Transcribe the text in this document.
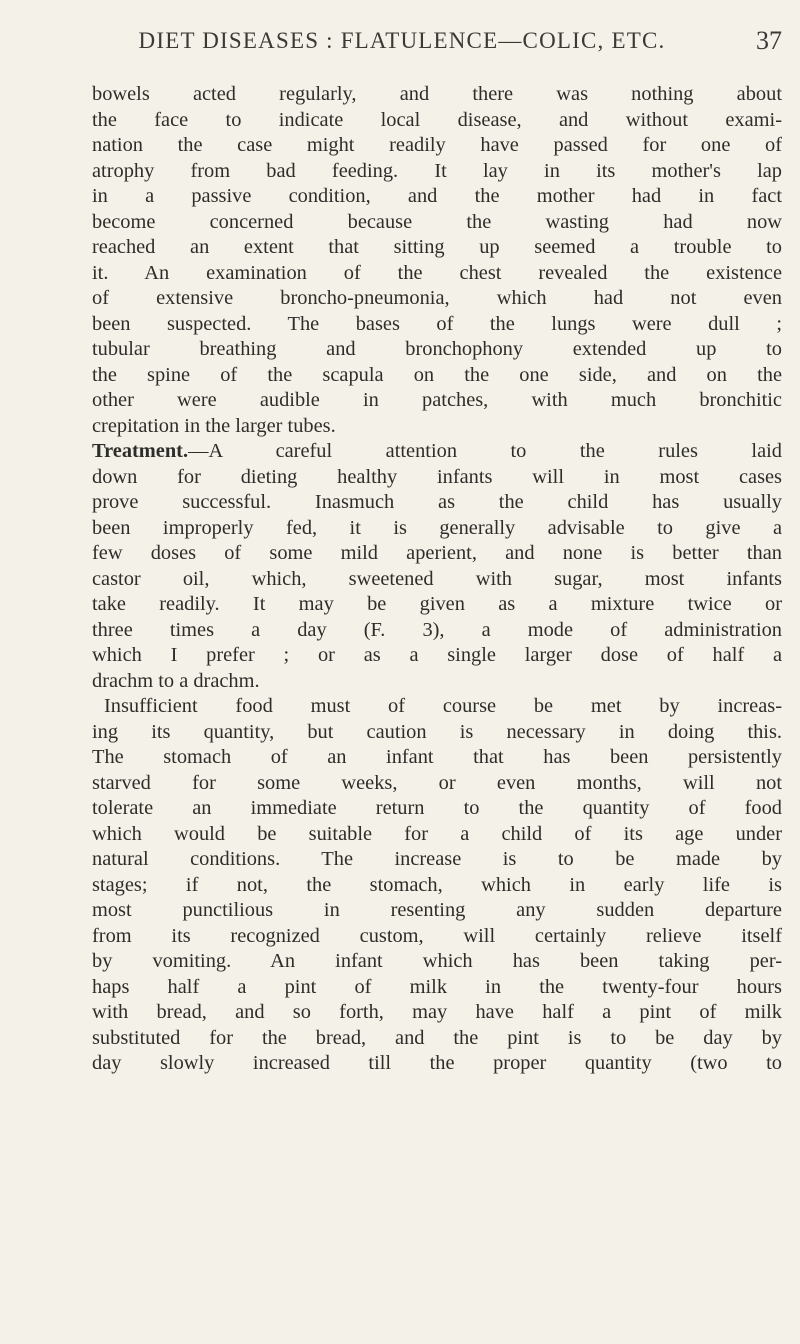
DIET DISEASES : FLATULENCE—COLIC, ETC.	37
bowels acted regularly, and there was nothing about
the face to indicate local disease, and without exami-
nation the case might readily have passed for one of
atrophy from bad feeding. It lay in its mother's lap
in a passive condition, and the mother had in fact
become concerned because the wasting had now
reached an extent that sitting up seemed a trouble to
it. An examination of the chest revealed the existence
of extensive broncho-pneumonia, which had not even
been suspected. The bases of the lungs were dull ;
tubular breathing and bronchophony extended up to
the spine of the scapula on the one side, and on the
other were audible in patches, with much bronchitic
crepitation in the larger tubes.
Treatment.—A careful attention to the rules laid
down for dieting healthy infants will in most cases
prove successful. Inasmuch as the child has usually
been improperly fed, it is generally advisable to give a
few doses of some mild aperient, and none is better than
castor oil, which, sweetened with sugar, most infants
take readily. It may be given as a mixture twice or
three times a day (F. 3), a mode of administration
which I prefer ; or as a single larger dose of half a
drachm to a drachm.
Insufficient food must of course be met by increas-
ing its quantity, but caution is necessary in doing this.
The stomach of an infant that has been persistently
starved for some weeks, or even months, will not
tolerate an immediate return to the quantity of food
which would be suitable for a child of its age under
natural conditions. The increase is to be made by
stages; if not, the stomach, which in early life is
most punctilious in resenting any sudden departure
from its recognized custom, will certainly relieve itself
by vomiting. An infant which has been taking per-
haps half a pint of milk in the twenty-four hours
with bread, and so forth, may have half a pint of milk
substituted for the bread, and the pint is to be day by
day slowly increased till the proper quantity (two to
